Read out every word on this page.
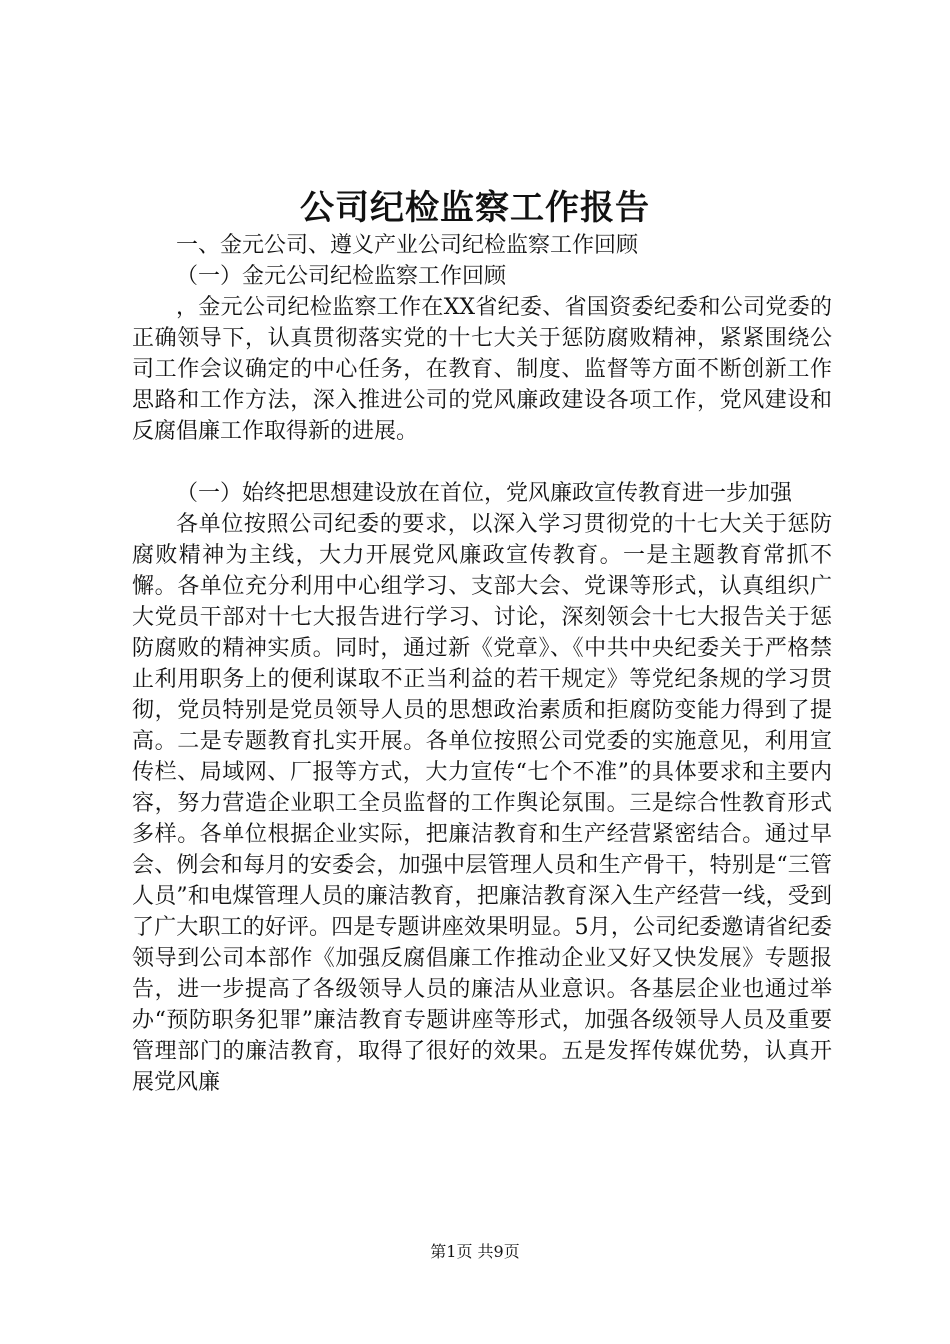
公司纪检监察工作报告

一、金元公司、遵义产业公司纪检监察工作回顾

（一）金元公司纪检监察工作回顾

，金元公司纪检监察工作在XX省纪委、省国资委纪委和公司党委的正确领导下，认真贯彻落实党的十七大关于惩防腐败精神，紧紧围绕公司工作会议确定的中心任务，在教育、制度、监督等方面不断创新工作思路和工作方法，深入推进公司的党风廉政建设各项工作，党风建设和反腐倡廉工作取得新的进展。

（一）始终把思想建设放在首位，党风廉政宣传教育进一步加强

各单位按照公司纪委的要求，以深入学习贯彻党的十七大关于惩防腐败精神为主线，大力开展党风廉政宣传教育。一是主题教育常抓不懈。各单位充分利用中心组学习、支部大会、党课等形式，认真组织广大党员干部对十七大报告进行学习、讨论，深刻领会十七大报告关于惩防腐败的精神实质。同时，通过新《党章》、《中共中央纪委关于严格禁止利用职务上的便利谋取不正当利益的若干规定》等党纪条规的学习贯彻，党员特别是党员领导人员的思想政治素质和拒腐防变能力得到了提高。二是专题教育扎实开展。各单位按照公司党委的实施意见，利用宣传栏、局域网、厂报等方式，大力宣传“七个不准”的具体要求和主要内容，努力营造企业职工全员监督的工作舆论氛围。三是综合性教育形式多样。各单位根据企业实际，把廉洁教育和生产经营紧密结合。通过早会、例会和每月的安委会，加强中层管理人员和生产骨干，特别是“三管人员”和电煤管理人员的廉洁教育，把廉洁教育深入生产经营一线，受到了广大职工的好评。四是专题讲座效果明显。5月，公司纪委邀请省纪委领导到公司本部作《加强反腐倡廉工作推动企业又好又快发展》专题报告，进一步提高了各级领导人员的廉洁从业意识。各基层企业也通过举办“预防职务犯罪”廉洁教育专题讲座等形式，加强各级领导人员及重要管理部门的廉洁教育，取得了很好的效果。五是发挥传媒优势，认真开展党风廉

第1页 共9页
